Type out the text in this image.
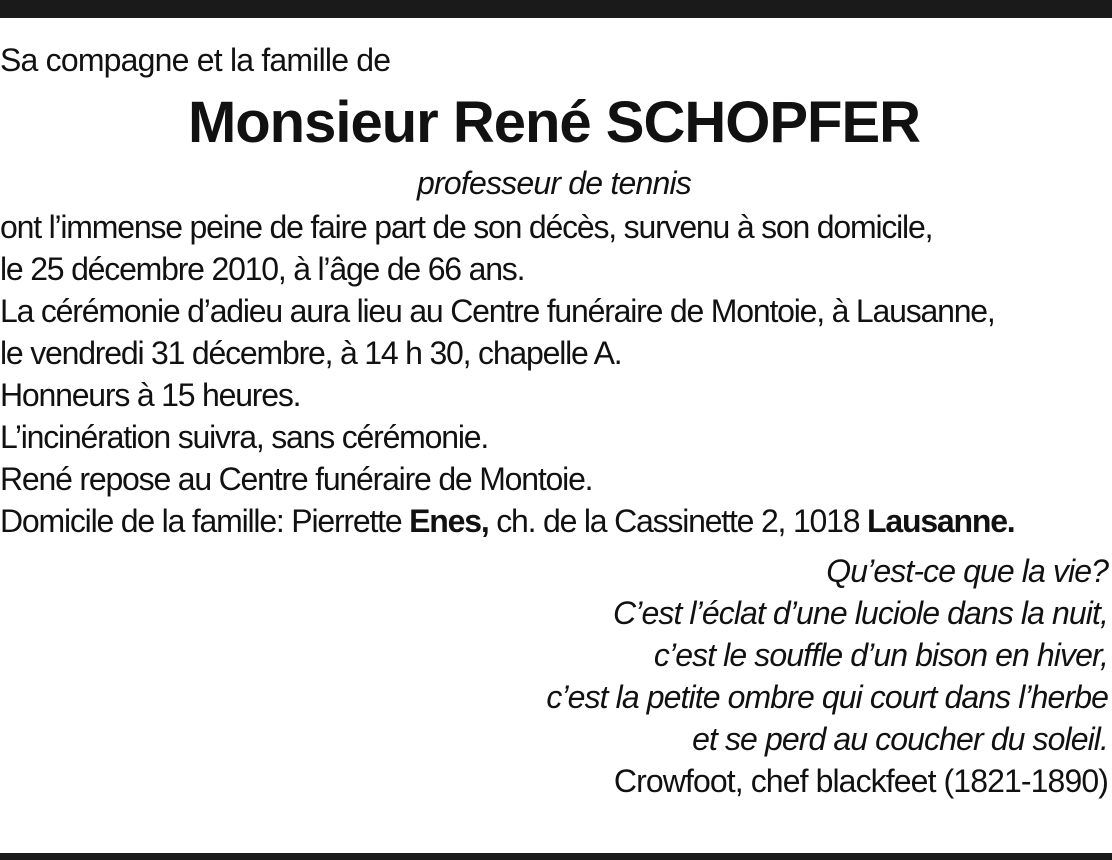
Sa compagne et la famille de

Monsieur René SCHOPFER

professeur de tennis

ont l’immense peine de faire part de son décès, survenu à son domicile,
le 25 décembre 2010, à l’âge de 66 ans.
La cérémonie d’adieu aura lieu au Centre funéraire de Montoie, à Lausanne,
le vendredi 31 décembre, à 14 h 30, chapelle A.
Honneurs à 15 heures.
L’incinération suivra, sans cérémonie.
René repose au Centre funéraire de Montoie.
Domicile de la famille: Pierrette Enes, ch. de la Cassinette 2, 1018 Lausanne.
Qu’est-ce que la vie?
C’est l’éclat d’une luciole dans la nuit,
c’est le souffle d’un bison en hiver,
c’est la petite ombre qui court dans l’herbe
et se perd au coucher du soleil.
Crowfoot, chef blackfeet (1821-1890)
